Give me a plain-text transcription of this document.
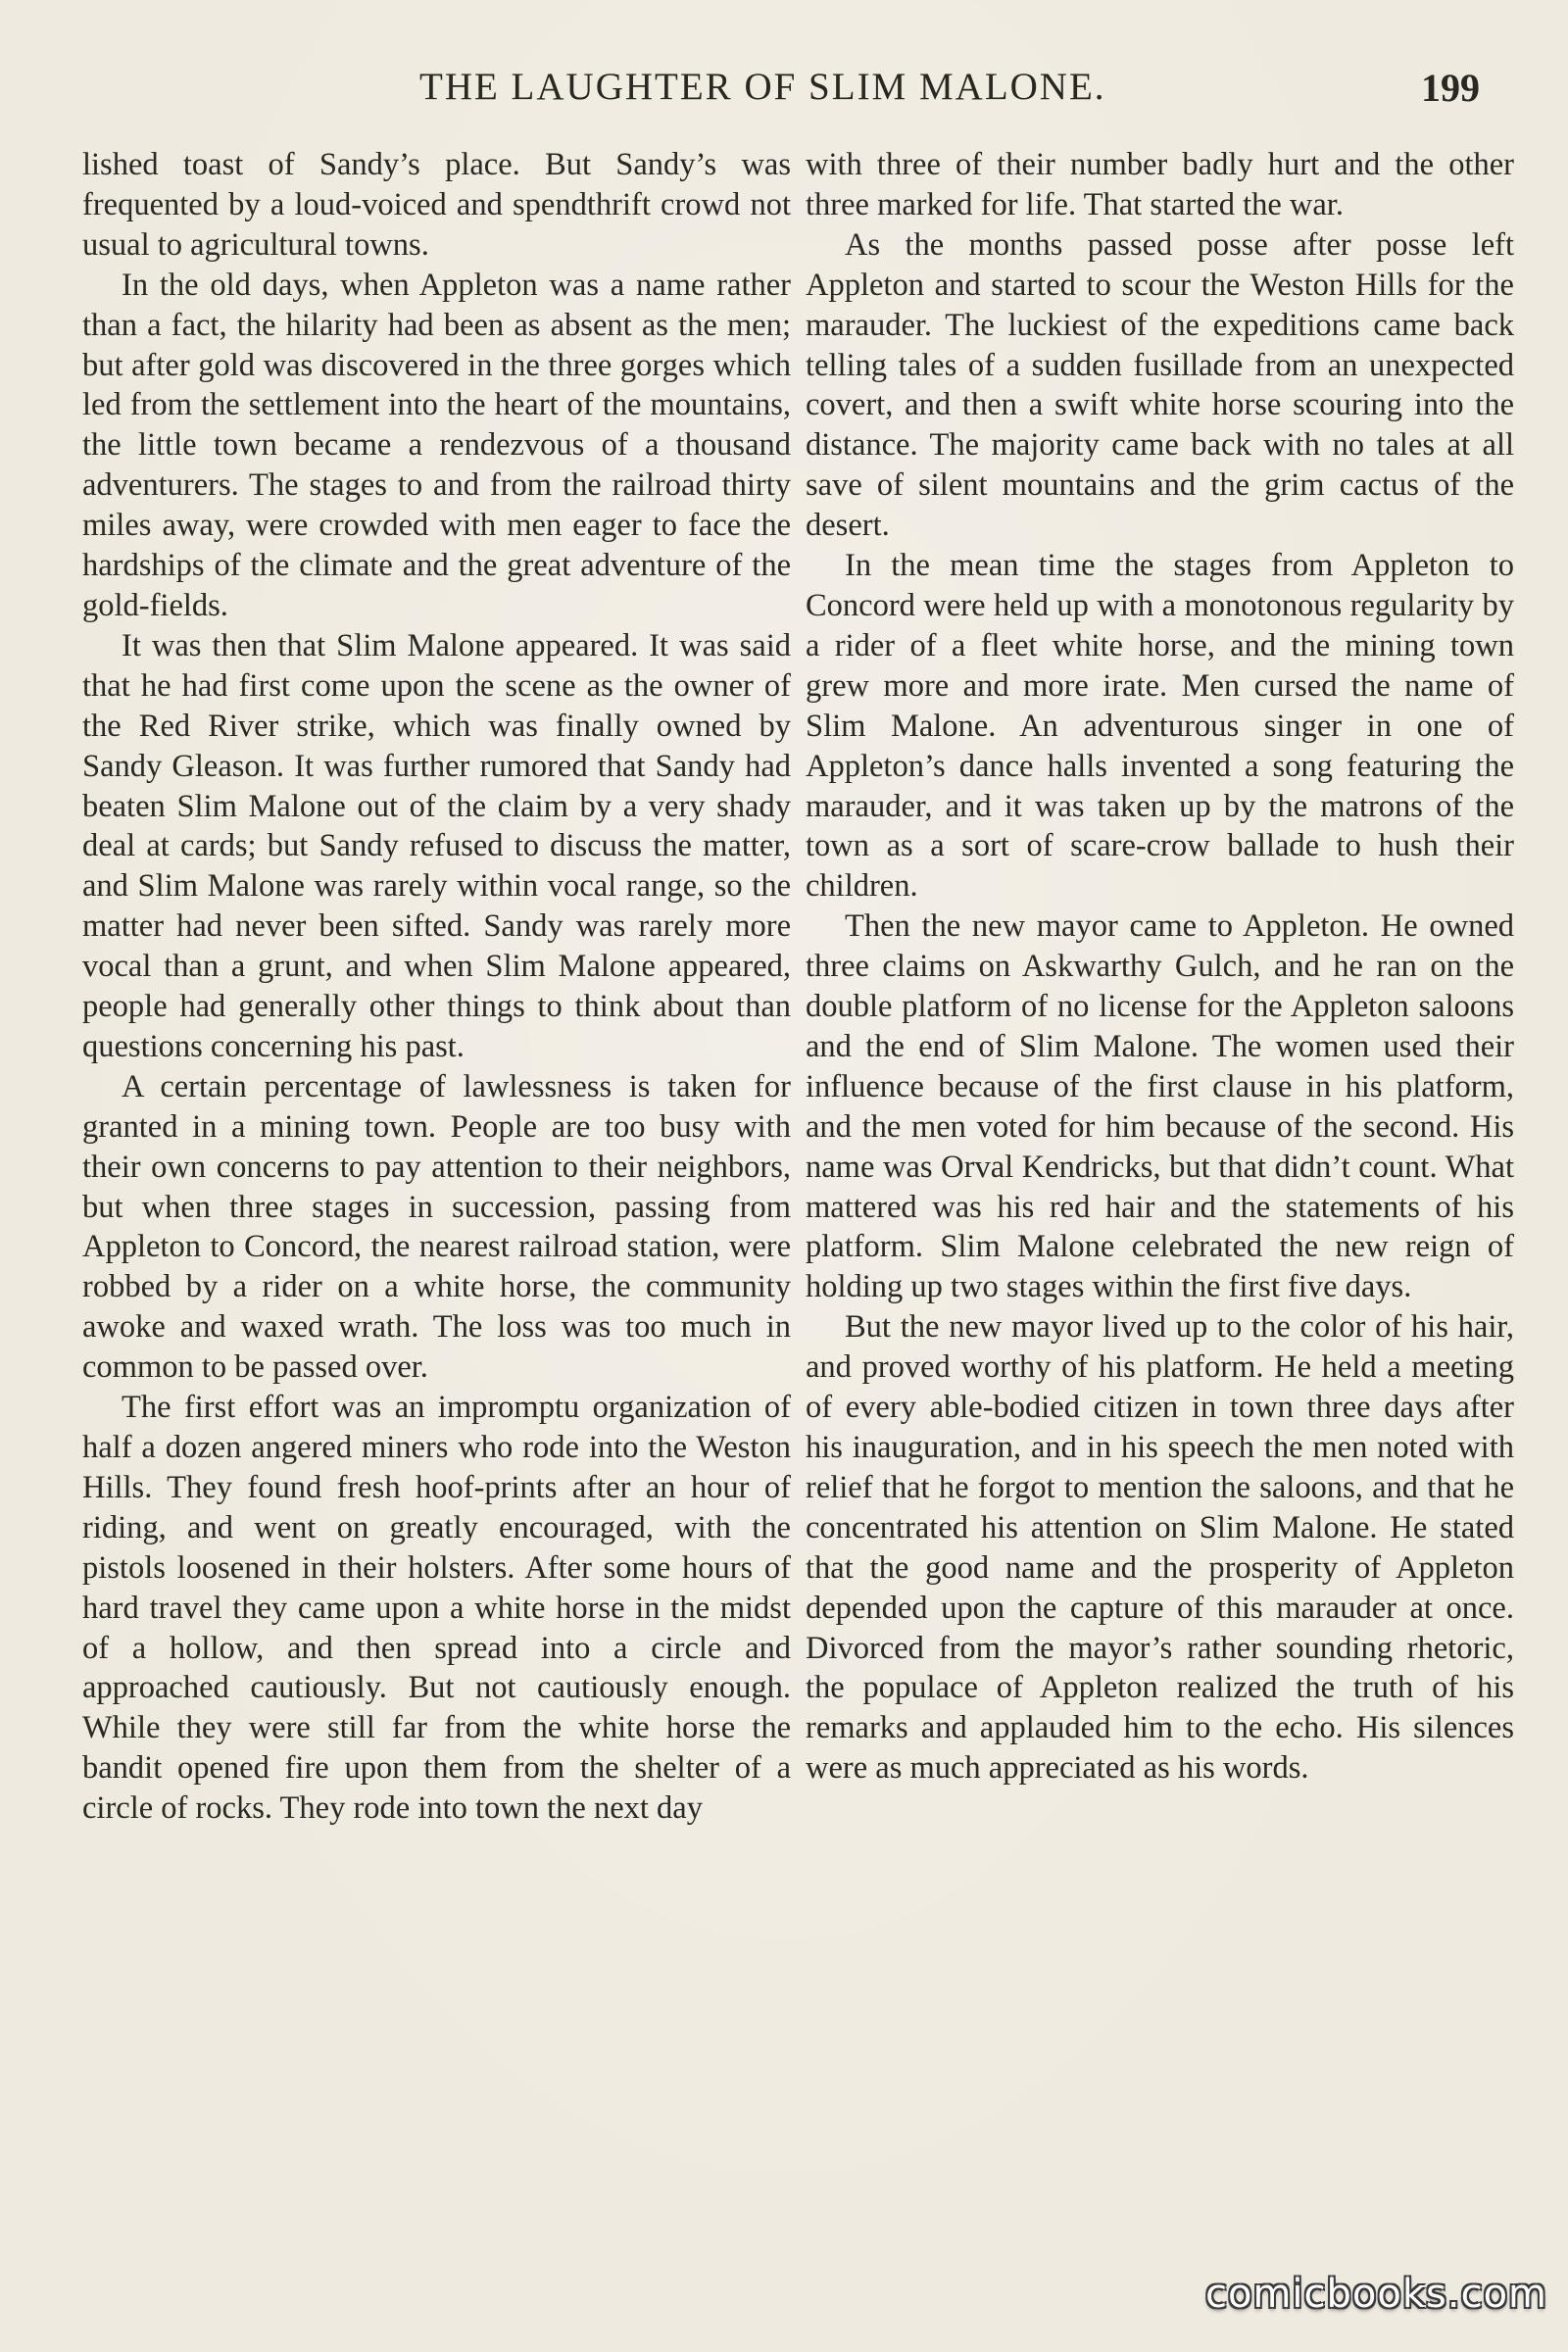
THE LAUGHTER OF SLIM MALONE.	199

lished toast of Sandy’s place. But Sandy’s was frequented by a loud-voiced and spendthrift crowd not usual to agricultural towns.

In the old days, when Appleton was a name rather than a fact, the hilarity had been as absent as the men; but after gold was discovered in the three gorges which led from the settlement into the heart of the mountains, the little town became a rendezvous of a thousand adventurers. The stages to and from the railroad thirty miles away, were crowded with men eager to face the hardships of the climate and the great adventure of the gold-fields.

It was then that Slim Malone appeared. It was said that he had first come upon the scene as the owner of the Red River strike, which was finally owned by Sandy Gleason. It was further rumored that Sandy had beaten Slim Malone out of the claim by a very shady deal at cards; but Sandy refused to discuss the matter, and Slim Malone was rarely within vocal range, so the matter had never been sifted. Sandy was rarely more vocal than a grunt, and when Slim Malone appeared, people had generally other things to think about than questions concerning his past.

A certain percentage of lawlessness is taken for granted in a mining town. People are too busy with their own concerns to pay attention to their neighbors, but when three stages in succession, passing from Appleton to Concord, the nearest railroad station, were robbed by a rider on a white horse, the community awoke and waxed wrath. The loss was too much in common to be passed over.

The first effort was an impromptu organization of half a dozen angered miners who rode into the Weston Hills. They found fresh hoof-prints after an hour of riding, and went on greatly encouraged, with the pistols loosened in their holsters. After some hours of hard travel they came upon a white horse in the midst of a hollow, and then spread into a circle and approached cautiously. But not cautiously enough. While they were still far from the white horse the bandit opened fire upon them from the shelter of a circle of rocks. They rode into town the next day

with three of their number badly hurt and the other three marked for life. That started the war.

As the months passed posse after posse left Appleton and started to scour the Weston Hills for the marauder. The luckiest of the expeditions came back telling tales of a sudden fusillade from an unexpected covert, and then a swift white horse scouring into the distance. The majority came back with no tales at all save of silent mountains and the grim cactus of the desert.

In the mean time the stages from Appleton to Concord were held up with a monotonous regularity by a rider of a fleet white horse, and the mining town grew more and more irate. Men cursed the name of Slim Malone. An adventurous singer in one of Appleton’s dance halls invented a song featuring the marauder, and it was taken up by the matrons of the town as a sort of scare-crow ballade to hush their children.

Then the new mayor came to Appleton. He owned three claims on Askwarthy Gulch, and he ran on the double platform of no license for the Appleton saloons and the end of Slim Malone. The women used their influence because of the first clause in his platform, and the men voted for him because of the second. His name was Orval Kendricks, but that didn’t count. What mattered was his red hair and the statements of his platform. Slim Malone celebrated the new reign of holding up two stages within the first five days.

But the new mayor lived up to the color of his hair, and proved worthy of his platform. He held a meeting of every able-bodied citizen in town three days after his inauguration, and in his speech the men noted with relief that he forgot to mention the saloons, and that he concentrated his attention on Slim Malone. He stated that the good name and the prosperity of Appleton depended upon the capture of this marauder at once. Divorced from the mayor’s rather sounding rhetoric, the populace of Appleton realized the truth of his remarks and applauded him to the echo. His silences were as much appreciated as his words.

comicbooks.com
